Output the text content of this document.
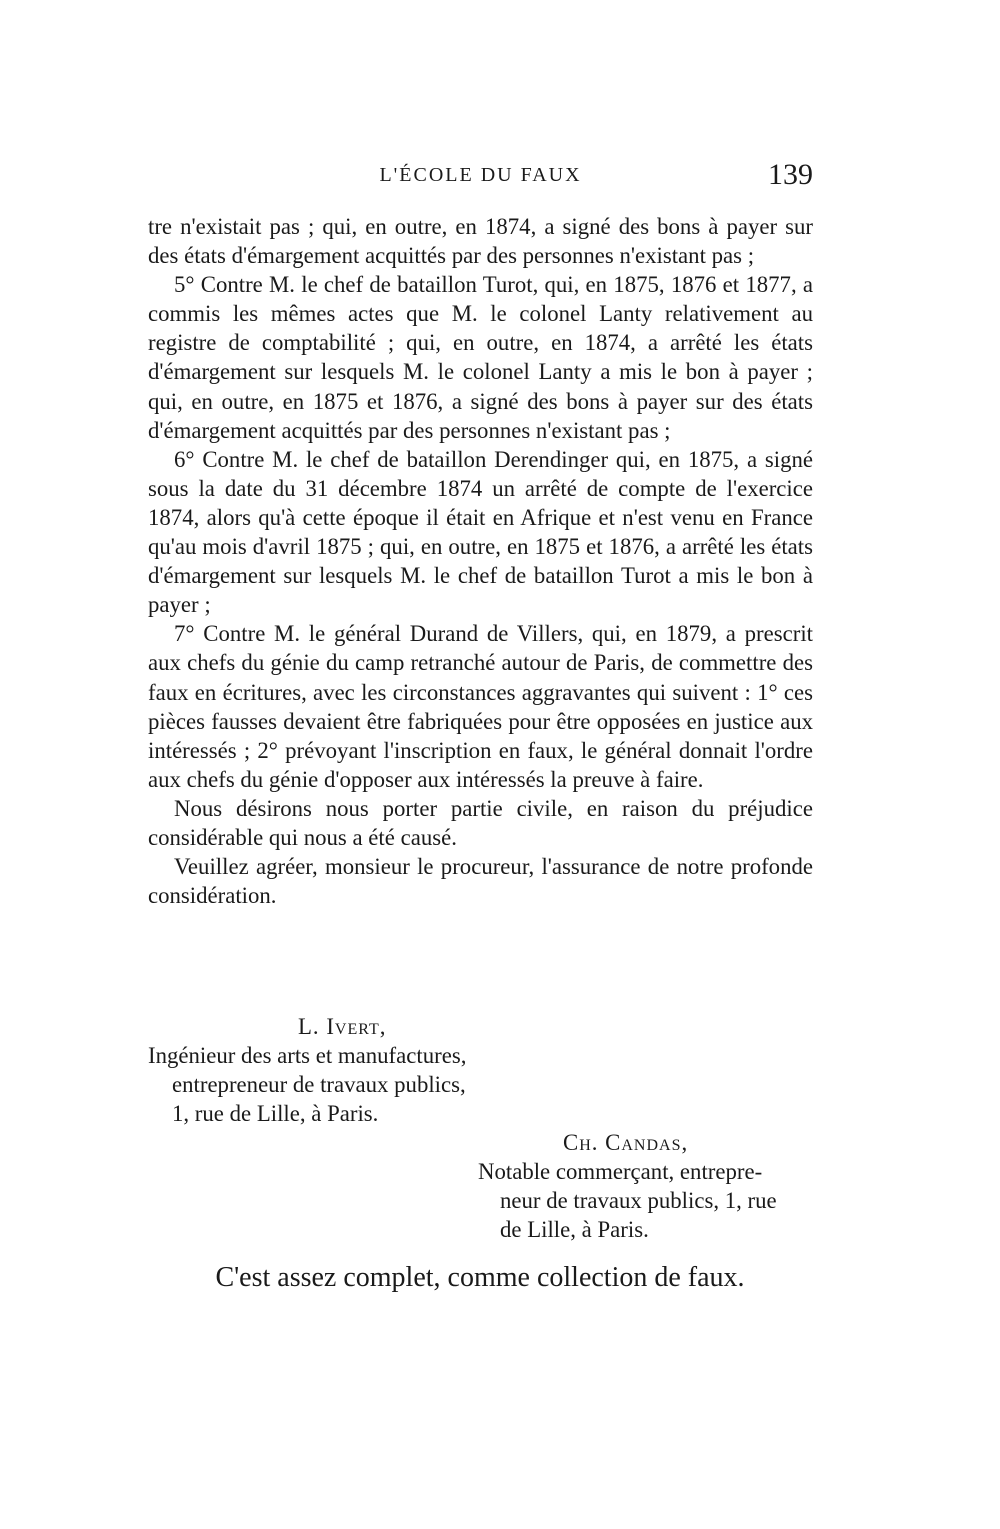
L'ÉCOLE DU FAUX	139

tre n'existait pas ; qui, en outre, en 1874, a signé des bons à payer sur des états d'émargement acquittés par des personnes n'existant pas ;

5° Contre M. le chef de bataillon Turot, qui, en 1875, 1876 et 1877, a commis les mêmes actes que M. le colonel Lanty relativement au registre de comptabilité ; qui, en outre, en 1874, a arrêté les états d'émargement sur lesquels M. le colonel Lanty a mis le bon à payer ; qui, en outre, en 1875 et 1876, a signé des bons à payer sur des états d'émargement acquittés par des personnes n'existant pas ;

6° Contre M. le chef de bataillon Derendinger qui, en 1875, a signé sous la date du 31 décembre 1874 un arrêté de compte de l'exercice 1874, alors qu'à cette époque il était en Afrique et n'est venu en France qu'au mois d'avril 1875 ; qui, en outre, en 1875 et 1876, a arrêté les états d'émargement sur lesquels M. le chef de bataillon Turot a mis le bon à payer ;

7° Contre M. le général Durand de Villers, qui, en 1879, a prescrit aux chefs du génie du camp retranché autour de Paris, de commettre des faux en écritures, avec les circonstances aggravantes qui suivent : 1° ces pièces fausses devaient être fabriquées pour être opposées en justice aux intéressés ; 2° prévoyant l'inscription en faux, le général donnait l'ordre aux chefs du génie d'opposer aux intéressés la preuve à faire.

Nous désirons nous porter partie civile, en raison du préjudice considérable qui nous a été causé.

Veuillez agréer, monsieur le procureur, l'assurance de notre profonde considération.

L. Ivert,
Ingénieur des arts et manufactures,
entrepreneur de travaux publics,
1, rue de Lille, à Paris.
Ch. Candas,
Notable commerçant, entrepre-
neur de travaux publics, 1, rue
de Lille, à Paris.
C'est assez complet, comme collection de faux.
